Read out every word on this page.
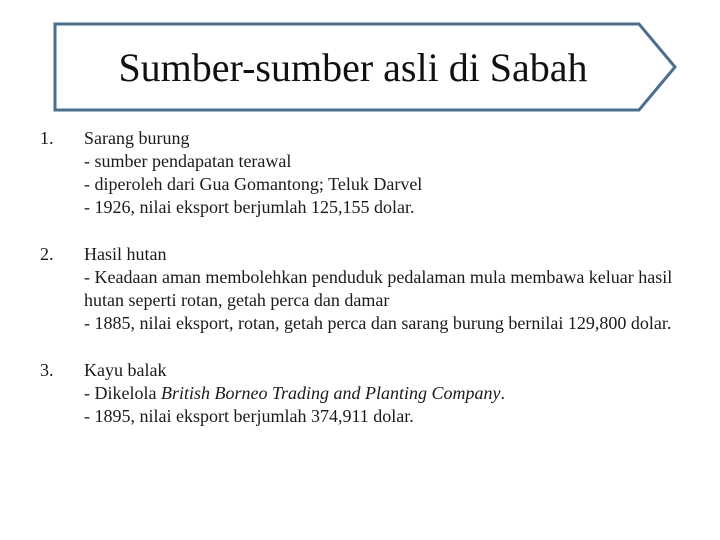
Sumber-sumber asli di Sabah
1. Sarang burung
- sumber pendapatan terawal
- diperoleh dari Gua Gomantong; Teluk Darvel
- 1926, nilai eksport berjumlah 125,155 dolar.
2. Hasil hutan
- Keadaan aman membolehkan penduduk pedalaman mula membawa keluar hasil hutan seperti rotan, getah perca dan damar
- 1885, nilai eksport, rotan, getah perca dan sarang burung bernilai 129,800 dolar.
3. Kayu balak
- Dikelola British Borneo Trading and Planting Company.
- 1895, nilai eksport berjumlah 374,911 dolar.
